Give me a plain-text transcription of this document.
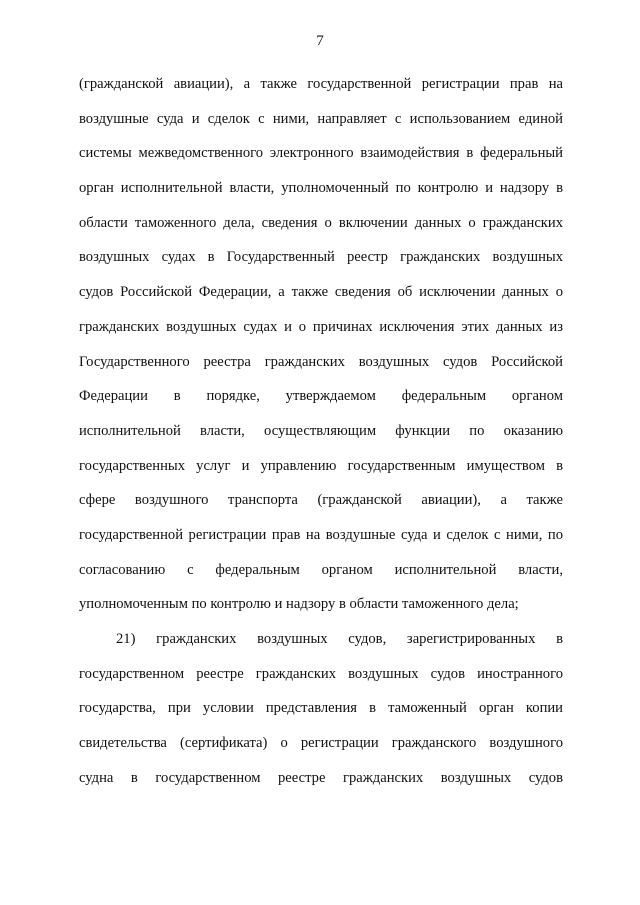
7
(гражданской авиации), а также государственной регистрации прав на
воздушные суда и сделок с ними, направляет с использованием единой
системы межведомственного электронного взаимодействия в федеральный
орган исполнительной власти, уполномоченный по контролю и надзору в
области таможенного дела, сведения о включении данных о гражданских
воздушных судах в Государственный реестр гражданских воздушных
судов Российской Федерации, а также сведения об исключении данных о
гражданских воздушных судах и о причинах исключения этих данных из
Государственного реестра гражданских воздушных судов Российской
Федерации в порядке, утверждаемом федеральным органом
исполнительной власти, осуществляющим функции по оказанию
государственных услуг и управлению государственным имуществом в
сфере воздушного транспорта (гражданской авиации), а также
государственной регистрации прав на воздушные суда и сделок с ними, по
согласованию с федеральным органом исполнительной власти,
уполномоченным по контролю и надзору в области таможенного дела;
21) гражданских воздушных судов, зарегистрированных в
государственном реестре гражданских воздушных судов иностранного
государства, при условии представления в таможенный орган копии
свидетельства (сертификата) о регистрации гражданского воздушного
судна в государственном реестре гражданских воздушных судов
